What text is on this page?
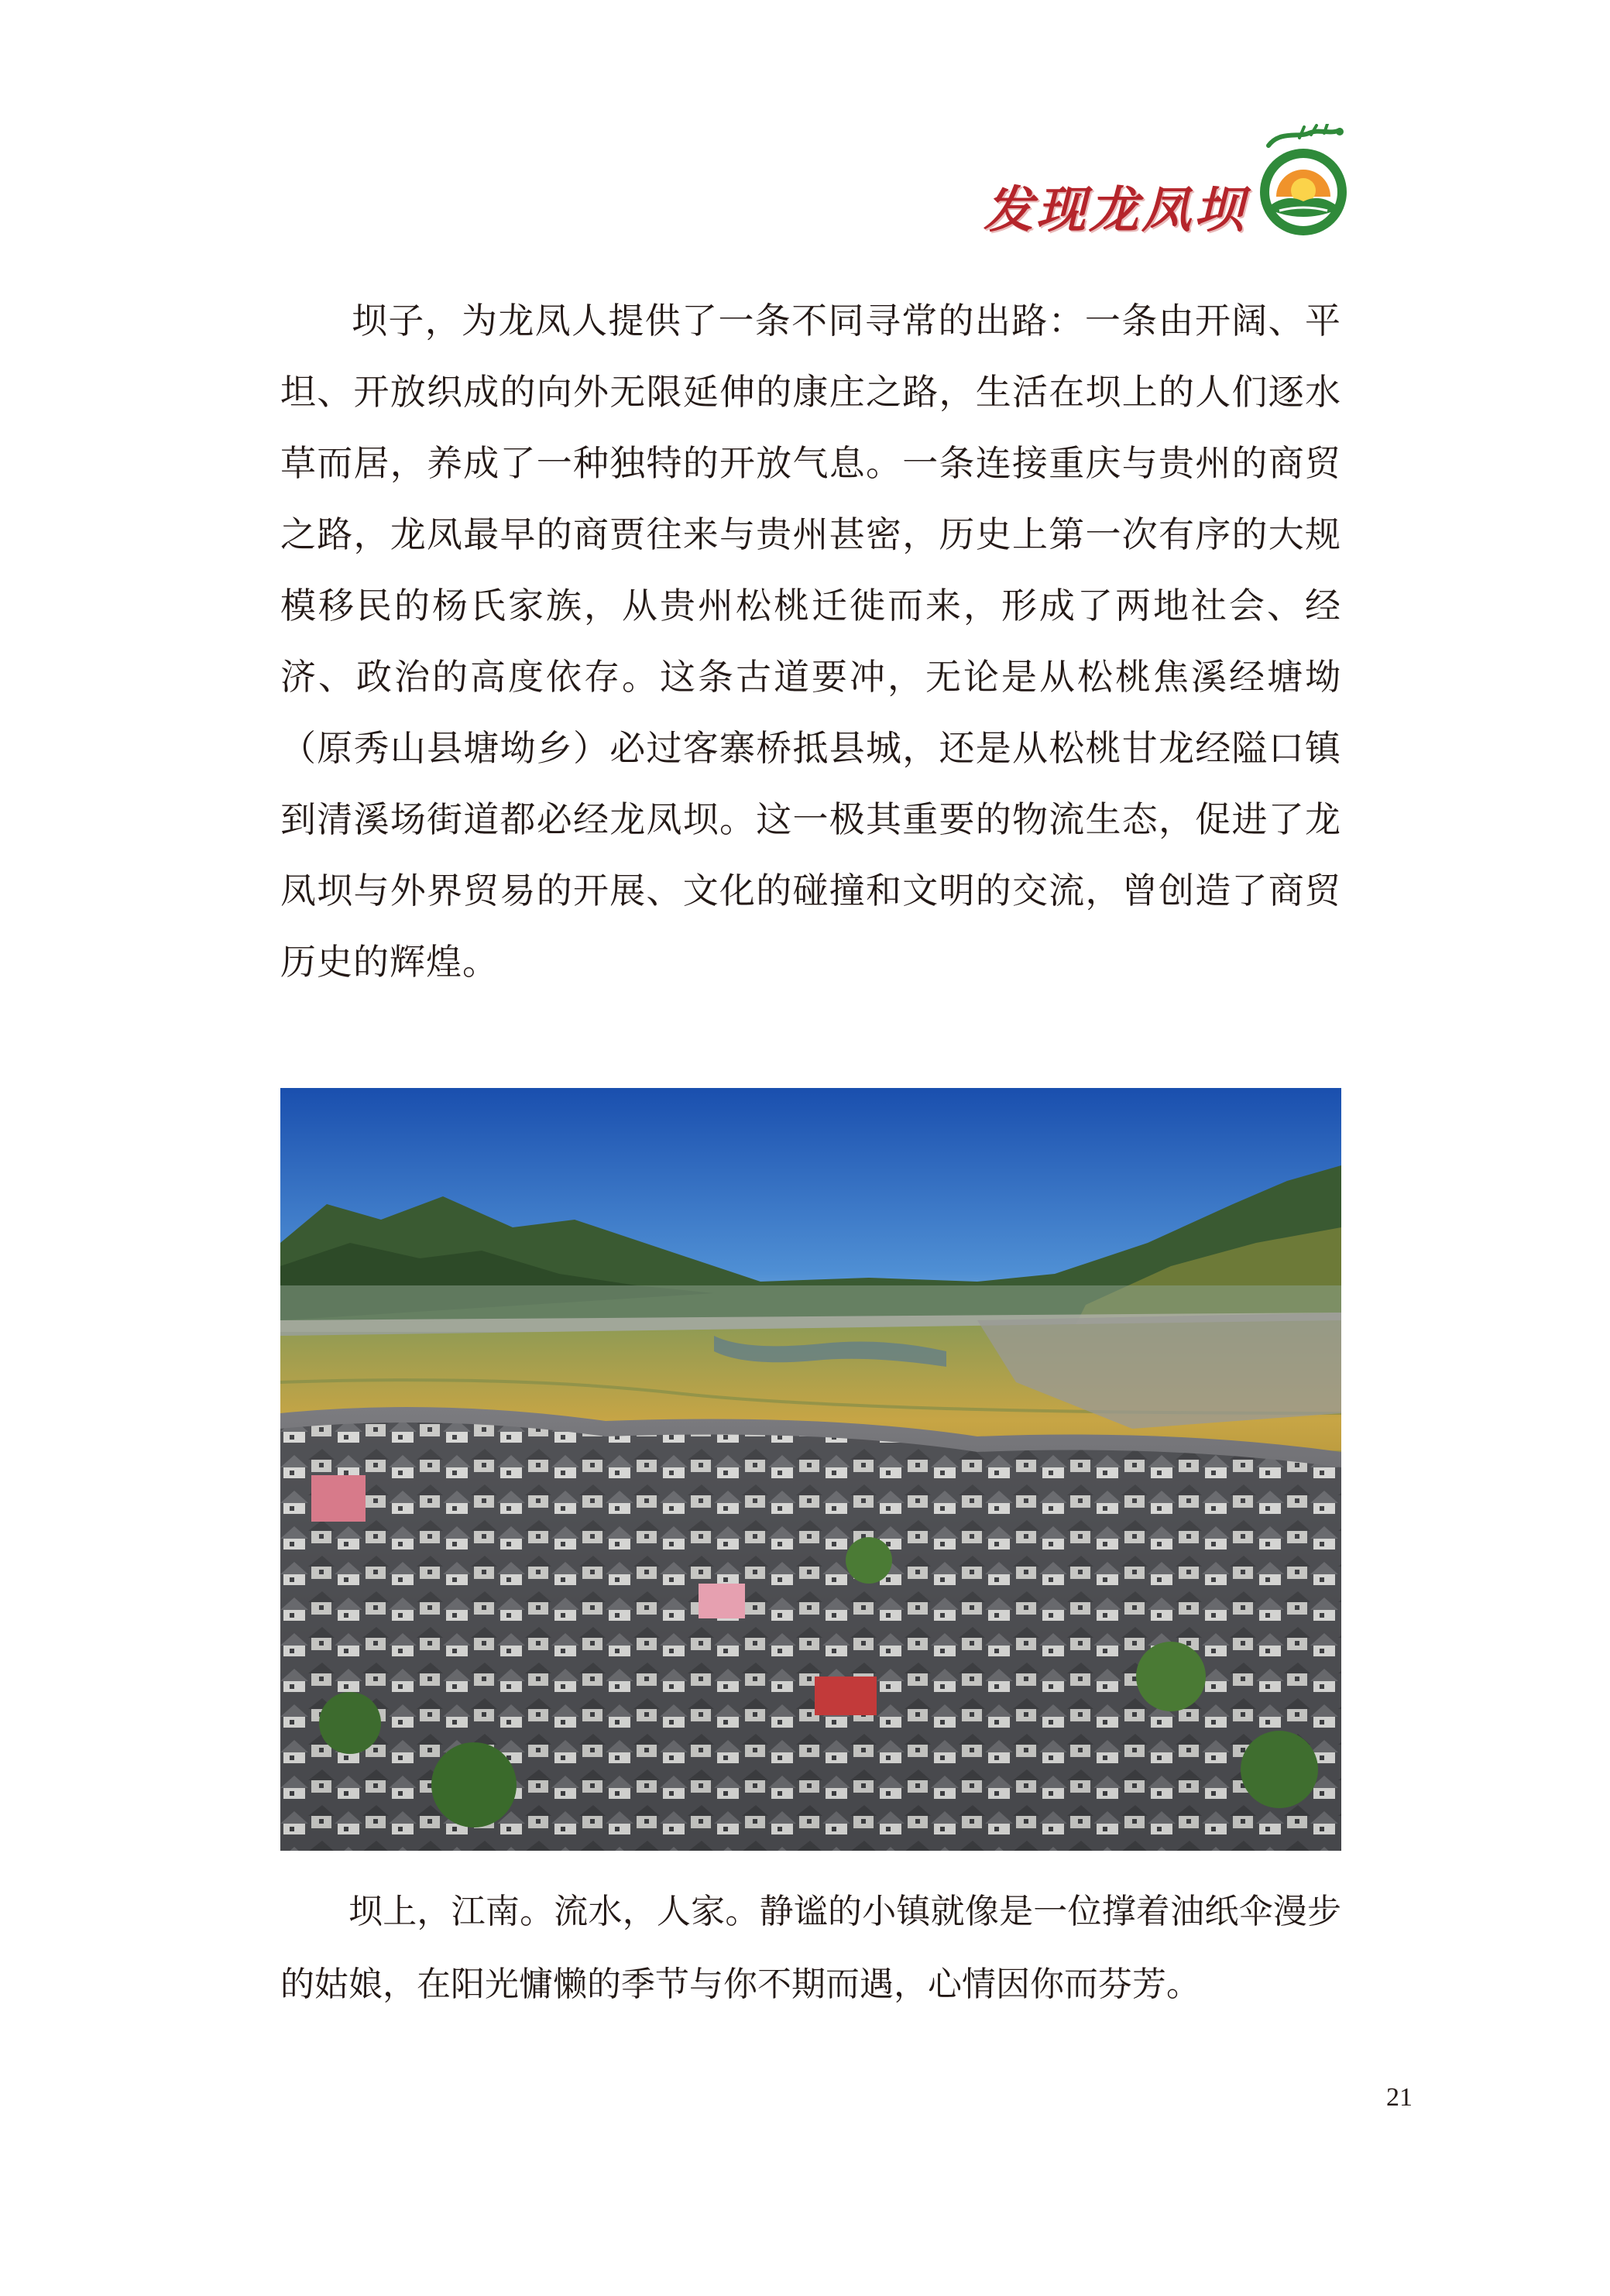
发现龙凤坝

坝子，为龙凤人提供了一条不同寻常的出路：一条由开阔、平坦、开放织成的向外无限延伸的康庄之路，生活在坝上的人们逐水草而居，养成了一种独特的开放气息。一条连接重庆与贵州的商贸之路，龙凤最早的商贾往来与贵州甚密，历史上第一次有序的大规模移民的杨氏家族，从贵州松桃迁徙而来，形成了两地社会、经济、政治的高度依存。这条古道要冲，无论是从松桃焦溪经塘坳（原秀山县塘坳乡）必过客寨桥抵县城，还是从松桃甘龙经隘口镇到清溪场街道都必经龙凤坝。这一极其重要的物流生态，促进了龙凤坝与外界贸易的开展、文化的碰撞和文明的交流，曾创造了商贸历史的辉煌。

坝上，江南。流水，人家。静谧的小镇就像是一位撑着油纸伞漫步的姑娘，在阳光慵懒的季节与你不期而遇，心情因你而芬芳。

21
